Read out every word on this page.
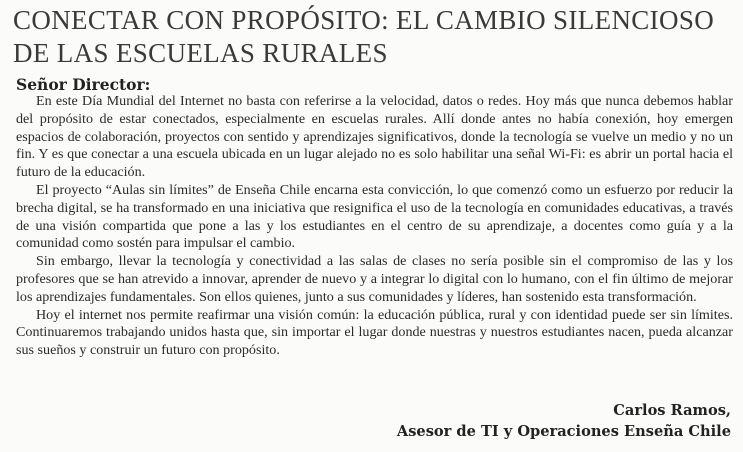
CONECTAR CON PROPÓSITO: EL CAMBIO SILENCIOSO DE LAS ESCUELAS RURALES
Señor Director:

En este Día Mundial del Internet no basta con referirse a la velocidad, datos o redes. Hoy más que nunca debemos hablar del propósito de estar conectados, especialmente en escuelas rurales. Allí donde antes no había conexión, hoy emergen espacios de colaboración, proyectos con sentido y aprendizajes significativos, donde la tecnología se vuelve un medio y no un fin. Y es que conectar a una escuela ubicada en un lugar alejado no es solo habilitar una señal Wi-Fi: es abrir un portal hacia el futuro de la educación.

El proyecto “Aulas sin límites” de Enseña Chile encarna esta convicción, lo que comenzó como un esfuerzo por reducir la brecha digital, se ha transformado en una iniciativa que resignifica el uso de la tecnología en comunidades educativas, a través de una visión compartida que pone a las y los estudiantes en el centro de su aprendizaje, a docentes como guía y a la comunidad como sostén para impulsar el cambio.

Sin embargo, llevar la tecnología y conectividad a las salas de clases no sería posible sin el compromiso de las y los profesores que se han atrevido a innovar, aprender de nuevo y a integrar lo digital con lo humano, con el fin último de mejorar los aprendizajes fundamentales. Son ellos quienes, junto a sus comunidades y líderes, han sostenido esta transformación.

Hoy el internet nos permite reafirmar una visión común: la educación pública, rural y con identidad puede ser sin límites. Continuaremos trabajando unidos hasta que, sin importar el lugar donde nuestras y nuestros estudiantes nacen, pueda alcanzar sus sueños y construir un futuro con propósito.

Carlos Ramos,
Asesor de TI y Operaciones Enseña Chile
